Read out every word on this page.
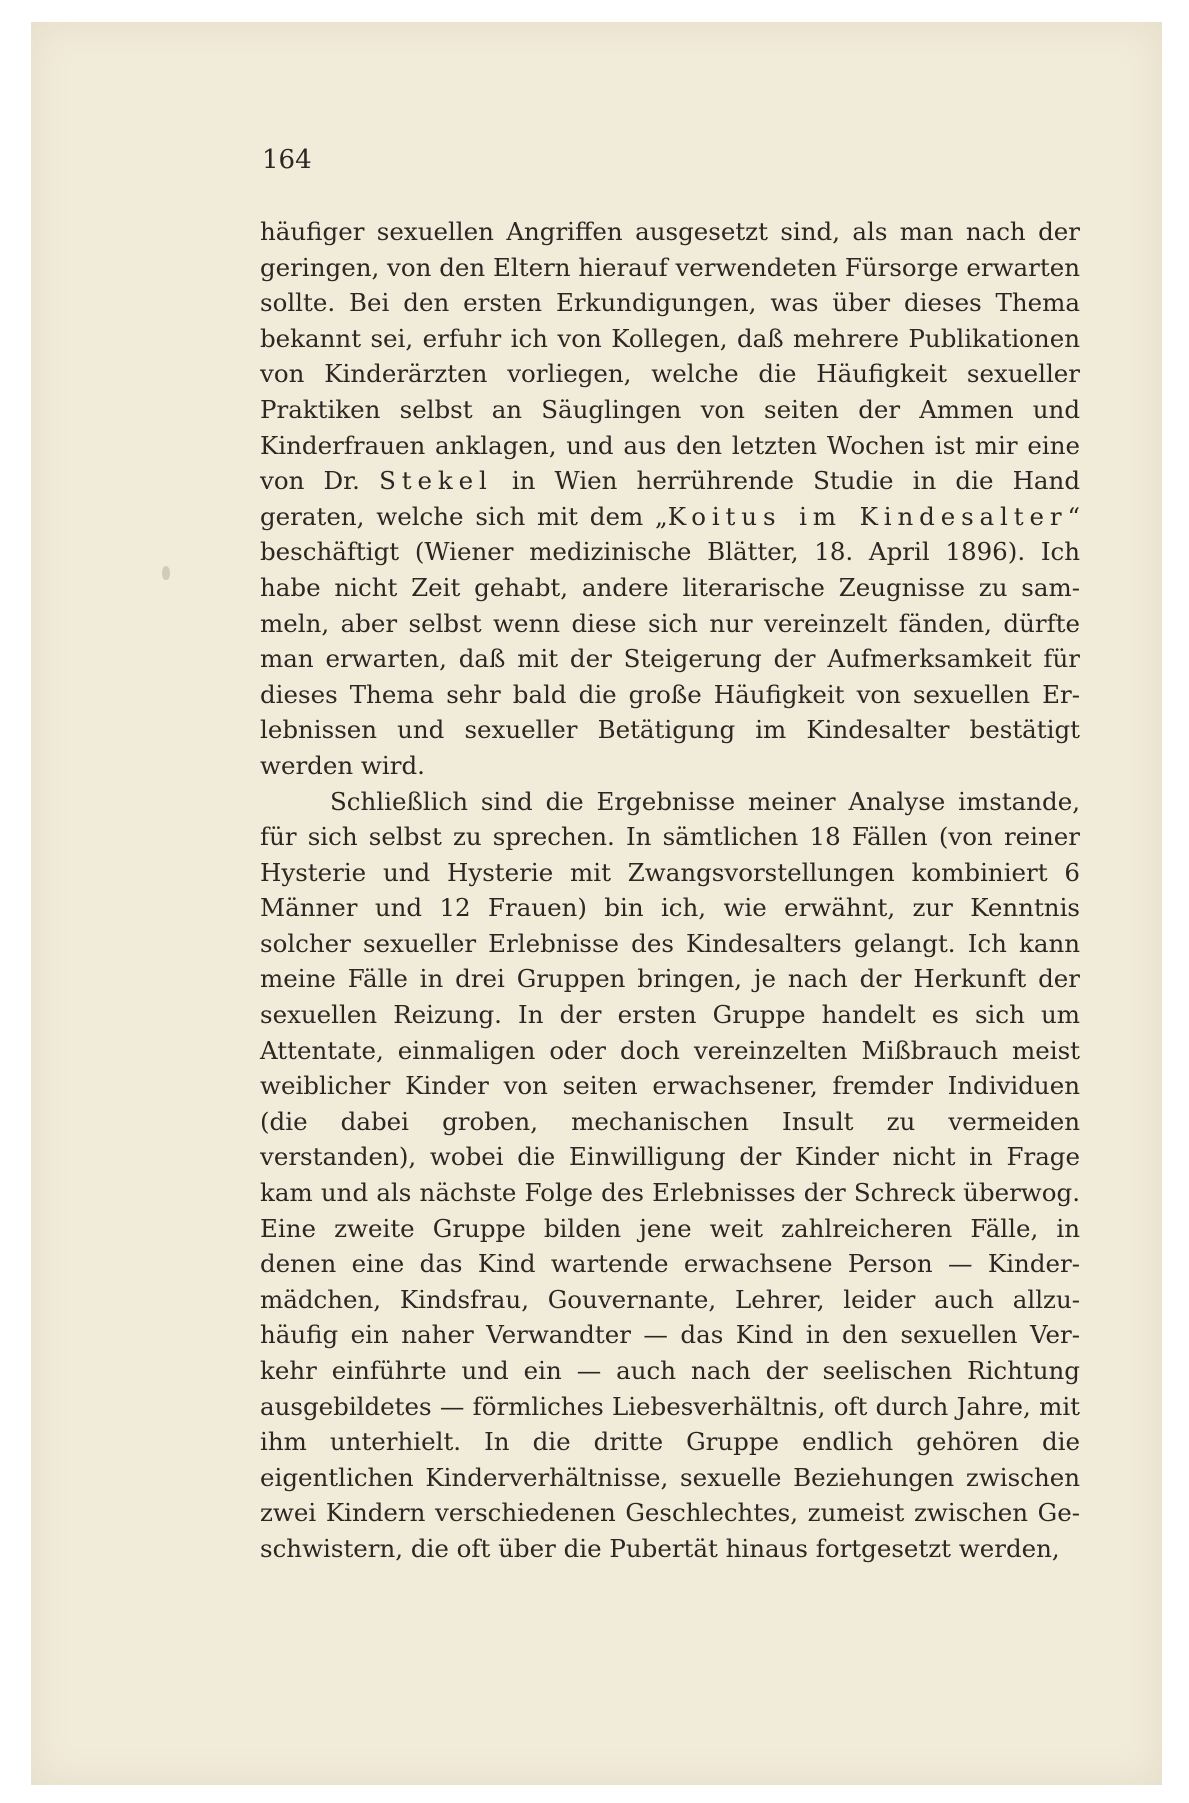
164

häufiger sexuellen Angriffen ausgesetzt sind, als man nach der geringen, von den Eltern hierauf verwendeten Fürsorge erwarten sollte. Bei den ersten Erkundigungen, was über dieses Thema bekannt sei, erfuhr ich von Kollegen, daß mehrere Publikationen von Kinderärzten vorliegen, welche die Häufigkeit sexueller Praktiken selbst an Säuglingen von seiten der Ammen und Kinderfrauen anklagen, und aus den letzten Wochen ist mir eine von Dr. Stekel in Wien herrührende Studie in die Hand geraten, welche sich mit dem „Koitus im Kindesalter“ beschäftigt (Wiener medizinische Blätter, 18. April 1896). Ich habe nicht Zeit gehabt, andere literarische Zeugnisse zu sammeln, aber selbst wenn diese sich nur vereinzelt fänden, dürfte man erwarten, daß mit der Steigerung der Aufmerksamkeit für dieses Thema sehr bald die große Häufigkeit von sexuellen Erlebnissen und sexueller Betätigung im Kindesalter bestätigt werden wird.

Schließlich sind die Ergebnisse meiner Analyse imstande, für sich selbst zu sprechen. In sämtlichen 18 Fällen (von reiner Hysterie und Hysterie mit Zwangsvorstellungen kombiniert 6 Männer und 12 Frauen) bin ich, wie erwähnt, zur Kenntnis solcher sexueller Erlebnisse des Kindesalters gelangt. Ich kann meine Fälle in drei Gruppen bringen, je nach der Herkunft der sexuellen Reizung. In der ersten Gruppe handelt es sich um Attentate, einmaligen oder doch vereinzelten Mißbrauch meist weiblicher Kinder von seiten erwachsener, fremder Individuen (die dabei groben, mechanischen Insult zu vermeiden verstanden), wobei die Einwilligung der Kinder nicht in Frage kam und als nächste Folge des Erlebnisses der Schreck überwog. Eine zweite Gruppe bilden jene weit zahlreicheren Fälle, in denen eine das Kind wartende erwachsene Person — Kindermädchen, Kindsfrau, Gouvernante, Lehrer, leider auch allzuhäufig ein naher Verwandter — das Kind in den sexuellen Verkehr einführte und ein — auch nach der seelischen Richtung ausgebildetes — förmliches Liebesverhältnis, oft durch Jahre, mit ihm unterhielt. In die dritte Gruppe endlich gehören die eigentlichen Kinderverhältnisse, sexuelle Beziehungen zwischen zwei Kindern verschiedenen Geschlechtes, zumeist zwischen Geschwistern, die oft über die Pubertät hinaus fortgesetzt werden,
